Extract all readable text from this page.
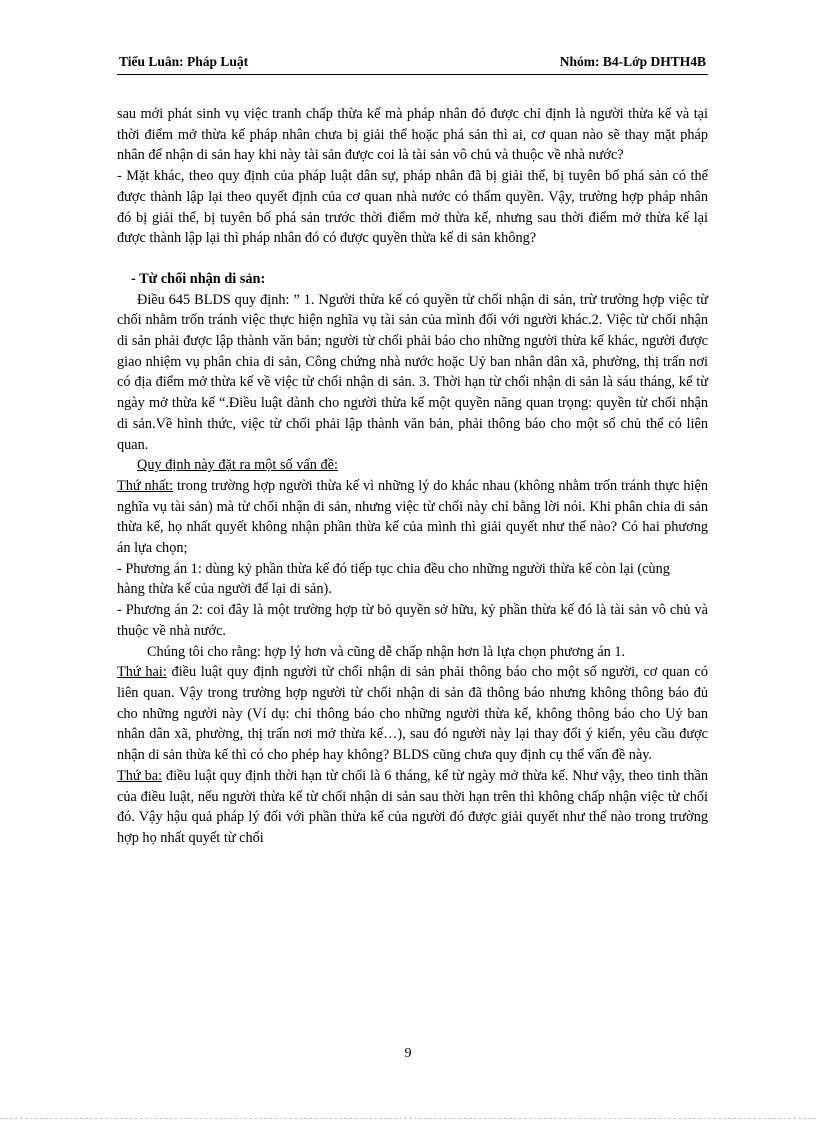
Tiểu Luân: Pháp Luật	Nhóm: B4-Lớp DHTH4B

sau mới phát sinh vụ việc tranh chấp thừa kế mà pháp nhân đó được chỉ định là người thừa kế và tại thời điểm mở thừa kế pháp nhân chưa bị giải thể hoặc phá sản thì ai, cơ quan nào sẽ thay mặt pháp nhân để nhận di sản hay khi này tài sản được coi là tài sản vô chủ và thuộc về nhà nước?

- Mặt khác, theo quy định của pháp luật dân sự, pháp nhân đã bị giải thể, bị tuyên bố phá sản có thể được thành lập lại theo quyết định của cơ quan nhà nước có thẩm quyền. Vậy, trường hợp pháp nhân đó bị giải thể, bị tuyên bố phá sản trước thời điểm mở thừa kế, nhưng sau thời điểm mở thừa kế lại được thành lập lại thì pháp nhân đó có được quyền thừa kế di sản không?

- Từ chối nhận di sản:

Điều 645 BLDS quy định: ” 1. Người thừa kế có quyền từ chối nhận di sản, trừ trường hợp việc từ chối nhằm trốn tránh việc thực hiện nghĩa vụ tài sản của mình đối với người khác.2. Việc từ chối nhận di sản phải được lập thành văn bản; người từ chối phải báo cho những người thừa kế khác, người được giao nhiệm vụ phân chia di sản, Công chứng nhà nước hoặc Uỷ ban nhân dân xã, phường, thị trấn nơi có địa điểm mở thừa kế về việc từ chối nhận di sản. 3. Thời hạn từ chối nhận di sản là sáu tháng, kể từ ngày mở thừa kế “.Điều luật dành cho người thừa kế một quyền năng quan trọng: quyền từ chối nhận di sản.Về hình thức, việc từ chối phải lập thành văn bản, phải thông báo cho một số chủ thể có liên quan.

Quy định này đặt ra một số vấn đề:

Thứ nhất: trong trường hợp người thừa kế vì những lý do khác nhau (không nhằm trốn tránh thực hiện nghĩa vụ tài sản) mà từ chối nhận di sản, nhưng việc từ chối này chỉ bằng lời nói. Khi phân chia di sản thừa kế, họ nhất quyết không nhận phần thừa kế của mình thì giải quyết như thế nào? Có hai phương án lựa chọn;

- Phương án 1: dùng kỷ phần thừa kế đó tiếp tục chia đều cho những người thừa kế còn lại (cùng

hàng thừa kế của người để lại di sản).

- Phương án 2: coi đây là một trường hợp từ bỏ quyền sở hữu, kỷ phần thừa kế đó là tài sản vô chủ và thuộc về nhà nước.

Chúng tôi cho rằng: hợp lý hơn và cũng dễ chấp nhận hơn là lựa chọn phương án 1.

Thứ hai: điều luật quy định người từ chối nhận di sản phải thông báo cho một số người, cơ quan có liên quan. Vậy trong trường hợp người từ chối nhận di sản đã thông báo nhưng không thông báo đủ cho những người này (Ví dụ: chỉ thông báo cho những người thừa kế, không thông báo cho Uỷ ban nhân dân xã, phường, thị trấn nơi mở thừa kế…), sau đó người này lại thay đổi ý kiến, yêu cầu được nhận di sản thừa kế thì có cho phép hay không? BLDS cũng chưa quy định cụ thể vấn đề này.

Thứ ba: điều luật quy định thời hạn từ chối là 6 tháng, kể từ ngày mở thừa kế. Như vậy, theo tinh thần của điều luật, nếu người thừa kế từ chối nhận di sản sau thời hạn trên thì không chấp nhận việc từ chối đó. Vậy hậu quả pháp lý đối với phần thừa kế của người đó được giải quyết như thế nào trong trường hợp họ nhất quyết từ chối

9
